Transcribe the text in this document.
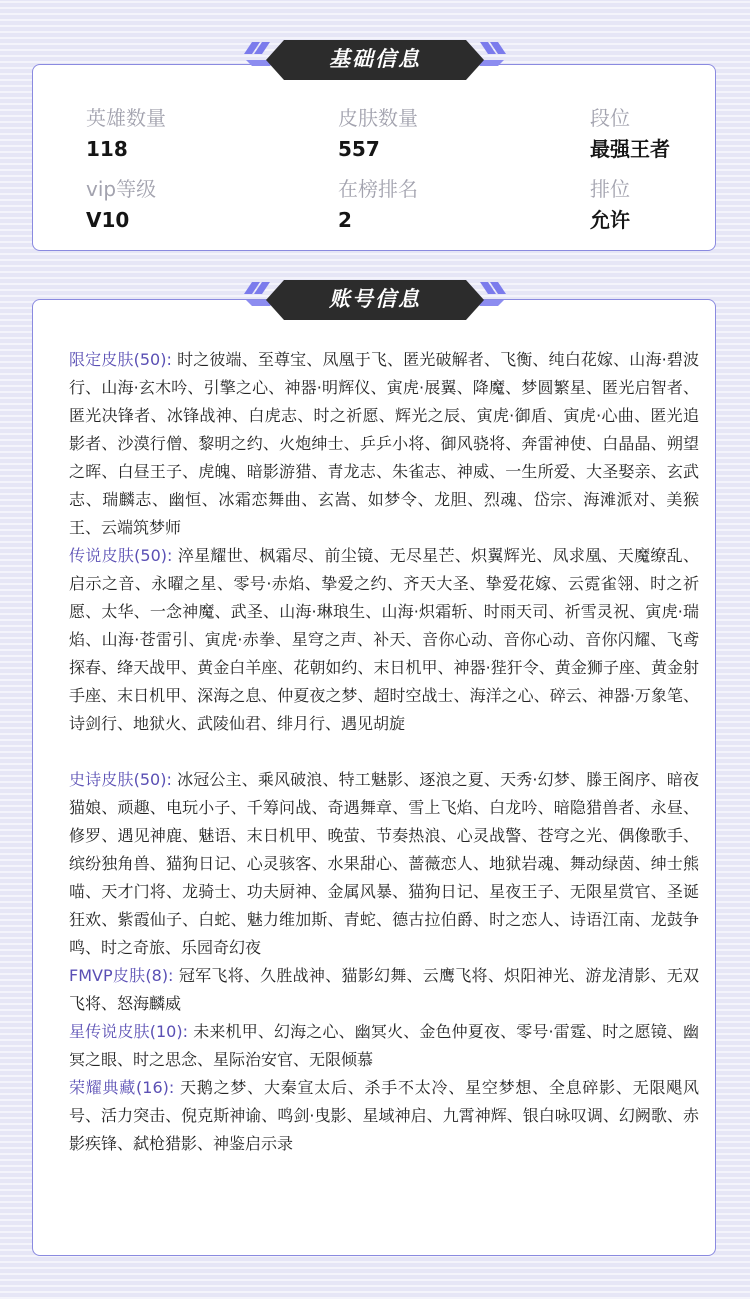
英雄数量
118
皮肤数量
557
段位
最强王者
vip等级
V10
在榜排名
2
排位
允许

限定皮肤(50): 时之彼端、至尊宝、凤凰于飞、匿光破解者、飞衡、纯白花嫁、山海·碧波行、山海·玄木吟、引擎之心、神器·明辉仪、寅虎·展翼、降魔、梦圆繁星、匿光启智者、匿光决锋者、冰锋战神、白虎志、时之祈愿、辉光之辰、寅虎·御盾、寅虎·心曲、匿光追影者、沙漠行僧、黎明之约、火炮绅士、乒乒小将、御风骁将、奔雷神使、白晶晶、朔望之晖、白昼王子、虎魄、暗影游猎、青龙志、朱雀志、神威、一生所爱、大圣娶亲、玄武志、瑞麟志、幽恒、冰霜恋舞曲、玄嵩、如梦令、龙胆、烈魂、岱宗、海滩派对、美猴王、云端筑梦师

传说皮肤(50): 淬星耀世、枫霜尽、前尘镜、无尽星芒、炽翼辉光、凤求凰、天魔缭乱、启示之音、永曜之星、零号·赤焰、挚爱之约、齐天大圣、挚爱花嫁、云霓雀翎、时之祈愿、太华、一念神魔、武圣、山海·琳琅生、山海·炽霜斩、时雨天司、祈雪灵祝、寅虎·瑞焰、山海·苍雷引、寅虎·赤拳、星穹之声、补天、音你心动、音你心动、音你闪耀、飞鸢探春、绛天战甲、黄金白羊座、花朝如约、末日机甲、神器·狴犴令、黄金狮子座、黄金射手座、末日机甲、深海之息、仲夏夜之梦、超时空战士、海洋之心、碎云、神器·万象笔、诗剑行、地狱火、武陵仙君、绯月行、遇见胡旋

史诗皮肤(50): 冰冠公主、乘风破浪、特工魅影、逐浪之夏、天秀·幻梦、滕王阁序、暗夜猫娘、顽趣、电玩小子、千筹问战、奇遇舞章、雪上飞焰、白龙吟、暗隐猎兽者、永昼、修罗、遇见神鹿、魅语、末日机甲、晚萤、节奏热浪、心灵战警、苍穹之光、偶像歌手、缤纷独角兽、猫狗日记、心灵骇客、水果甜心、蔷薇恋人、地狱岩魂、舞动绿茵、绅士熊喵、天才门将、龙骑士、功夫厨神、金属风暴、猫狗日记、星夜王子、无限星赏官、圣诞狂欢、紫霞仙子、白蛇、魅力维加斯、青蛇、德古拉伯爵、时之恋人、诗语江南、龙鼓争鸣、时之奇旅、乐园奇幻夜

FMVP皮肤(8): 冠军飞将、久胜战神、猫影幻舞、云鹰飞将、炽阳神光、游龙清影、无双飞将、怒海麟威

星传说皮肤(10): 未来机甲、幻海之心、幽冥火、金色仲夏夜、零号·雷霆、时之愿镜、幽冥之眼、时之思念、星际治安官、无限倾慕

荣耀典藏(16): 天鹅之梦、大秦宣太后、杀手不太冷、星空梦想、全息碎影、无限飓风号、活力突击、倪克斯神谕、鸣剑·曳影、星域神启、九霄神辉、银白咏叹调、幻阙歌、赤影疾锋、弑枪猎影、神鉴启示录

基础信息
账号信息
